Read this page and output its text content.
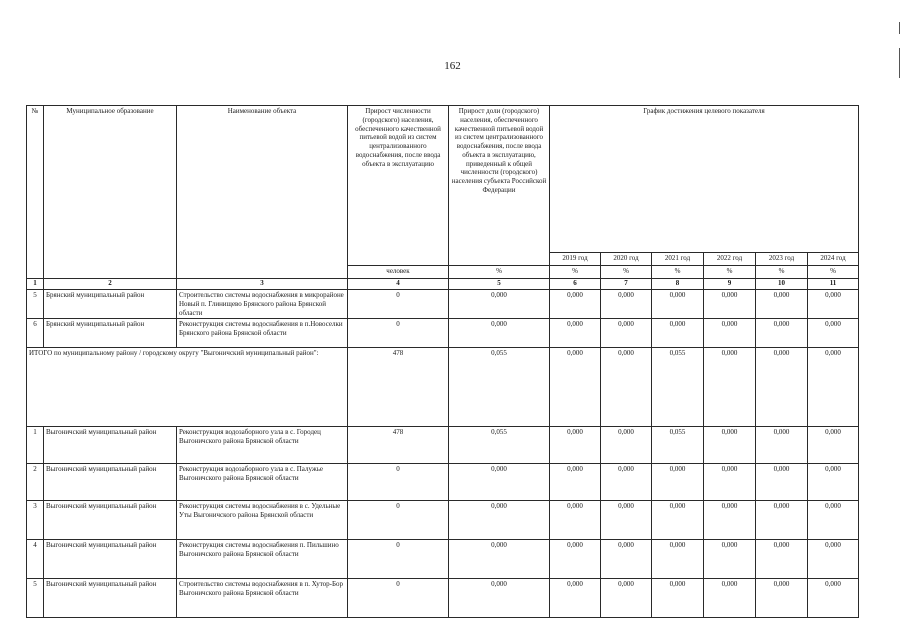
162
№	Муниципальное образование	Наименование объекта	Прирост численности (городского) населения, обеспеченного качественной питьевой водой из систем централизованного водоснабжения, после ввода объекта в эксплуатацию	Прирост доли (городского) населения, обеспеченного качественной питьевой водой из систем централизованного водоснабжения, после ввода объекта в эксплуатацию, приведенный к общей численности (городского) населения субъекта Российской Федерации	График достижения целевого показателя					
					2019 год	2020 год	2021 год	2022 год	2023 год	2024 год
			человек	%	%	%	%	%	%	%
1	2	3	4	5	6	7	8	9	10	11
5	Брянский муниципальный район	Строительство системы водоснабжения в микрорайоне Новый п. Глинищево Брянского района Брянской области	0	0,000	0,000	0,000	0,000	0,000	0,000	0,000
6	Брянский муниципальный район	Реконструкция системы водоснабжения в п.Новоселки Брянского района Брянской области	0	0,000	0,000	0,000	0,000	0,000	0,000	0,000
ИТОГО по муниципальному району / городскому округу "Выгоничский муниципальный район":			478	0,055	0,000	0,000	0,055	0,000	0,000	0,000
1	Выгоничский муниципальный район	Реконструкция водозаборного узла в с. Городец Выгоничского района Брянской области	478	0,055	0,000	0,000	0,055	0,000	0,000	0,000
2	Выгоничский муниципальный район	Реконструкция водозаборного узла в с. Палужье Выгоничского района Брянской области	0	0,000	0,000	0,000	0,000	0,000	0,000	0,000
3	Выгоничский муниципальный район	Реконструкция системы водоснабжения в с. Удельные Уты Выгоничского района Брянской области	0	0,000	0,000	0,000	0,000	0,000	0,000	0,000
4	Выгоничский муниципальный район	Реконструкция системы водоснабжения п. Пильшино Выгоничского района Брянской области	0	0,000	0,000	0,000	0,000	0,000	0,000	0,000
5	Выгоничский муниципальный район	Строительство системы водоснабжения в п. Хутор-Бор Выгоничского района Брянской области	0	0,000	0,000	0,000	0,000	0,000	0,000	0,000
